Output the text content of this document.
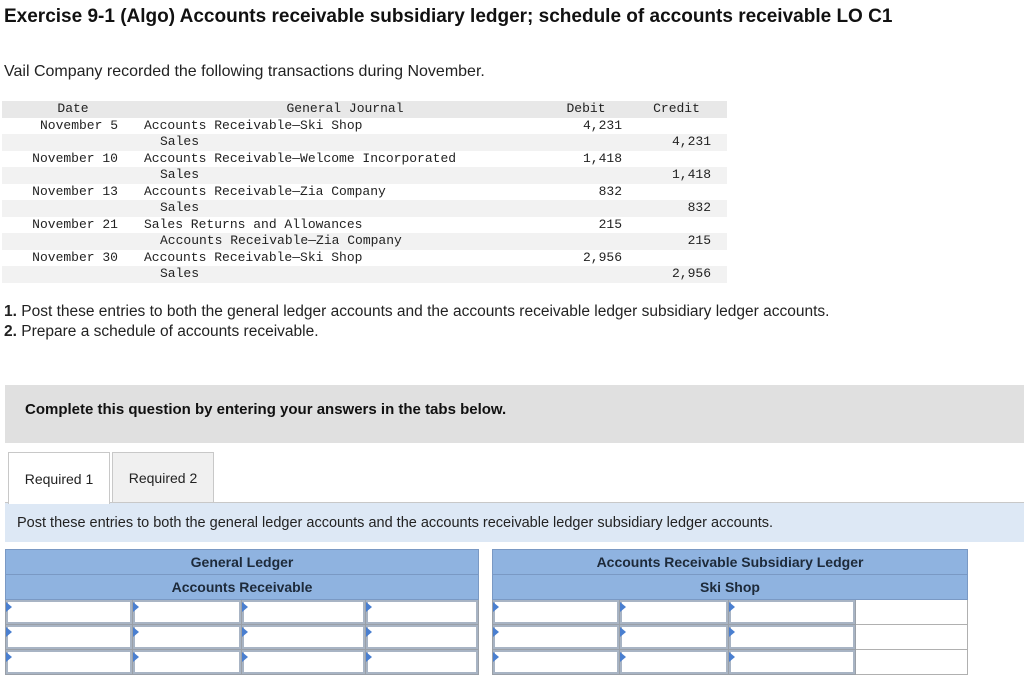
Exercise 9-1 (Algo) Accounts receivable subsidiary ledger; schedule of accounts receivable LO C1
Vail Company recorded the following transactions during November.
Date	General Journal	Debit	Credit
November 5	Accounts Receivable—Ski Shop	4,231	
	Sales		4,231
November 10	Accounts Receivable—Welcome Incorporated	1,418	
	Sales		1,418
November 13	Accounts Receivable—Zia Company	832	
	Sales		832
November 21	Sales Returns and Allowances	215	
	Accounts Receivable—Zia Company		215
November 30	Accounts Receivable—Ski Shop	2,956	
	Sales		2,956
1. Post these entries to both the general ledger accounts and the accounts receivable ledger subsidiary ledger accounts.
2. Prepare a schedule of accounts receivable.
Complete this question by entering your answers in the tabs below.
Required 1	Required 2
Post these entries to both the general ledger accounts and the accounts receivable ledger subsidiary ledger accounts.
General Ledger			
Accounts Receivable			

Accounts Receivable Subsidiary Ledger			
Ski Shop			
